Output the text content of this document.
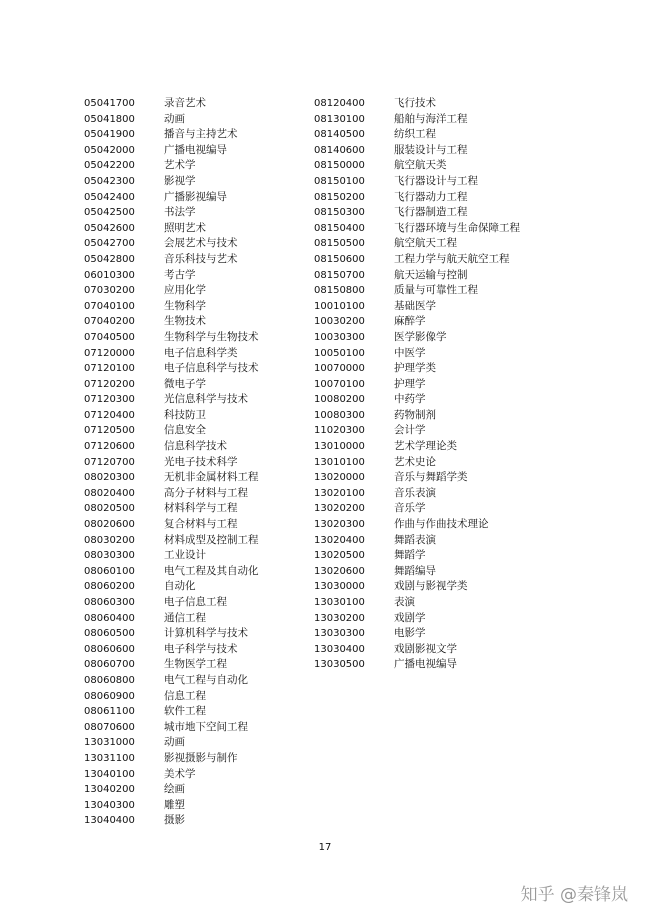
05041700	录音艺术
05041800	动画
05041900	播音与主持艺术
05042000	广播电视编导
05042200	艺术学
05042300	影视学
05042400	广播影视编导
05042500	书法学
05042600	照明艺术
05042700	会展艺术与技术
05042800	音乐科技与艺术
06010300	考古学
07030200	应用化学
07040100	生物科学
07040200	生物技术
07040500	生物科学与生物技术
07120000	电子信息科学类
07120100	电子信息科学与技术
07120200	微电子学
07120300	光信息科学与技术
07120400	科技防卫
07120500	信息安全
07120600	信息科学技术
07120700	光电子技术科学
08020300	无机非金属材料工程
08020400	高分子材料与工程
08020500	材料科学与工程
08020600	复合材料与工程
08030200	材料成型及控制工程
08030300	工业设计
08060100	电气工程及其自动化
08060200	自动化
08060300	电子信息工程
08060400	通信工程
08060500	计算机科学与技术
08060600	电子科学与技术
08060700	生物医学工程
08060800	电气工程与自动化
08060900	信息工程
08061100	软件工程
08070600	城市地下空间工程
13031000	动画
13031100	影视摄影与制作
13040100	美术学
13040200	绘画
13040300	雕塑
13040400	摄影
08120400	飞行技术
08130100	船舶与海洋工程
08140500	纺织工程
08140600	服装设计与工程
08150000	航空航天类
08150100	飞行器设计与工程
08150200	飞行器动力工程
08150300	飞行器制造工程
08150400	飞行器环境与生命保障工程
08150500	航空航天工程
08150600	工程力学与航天航空工程
08150700	航天运输与控制
08150800	质量与可靠性工程
10010100	基础医学
10030200	麻醉学
10030300	医学影像学
10050100	中医学
10070000	护理学类
10070100	护理学
10080200	中药学
10080300	药物制剂
11020300	会计学
13010000	艺术学理论类
13010100	艺术史论
13020000	音乐与舞蹈学类
13020100	音乐表演
13020200	音乐学
13020300	作曲与作曲技术理论
13020400	舞蹈表演
13020500	舞蹈学
13020600	舞蹈编导
13030000	戏剧与影视学类
13030100	表演
13030200	戏剧学
13030300	电影学
13030400	戏剧影视文学
13030500	广播电视编导
17
知乎 @秦锋岚
